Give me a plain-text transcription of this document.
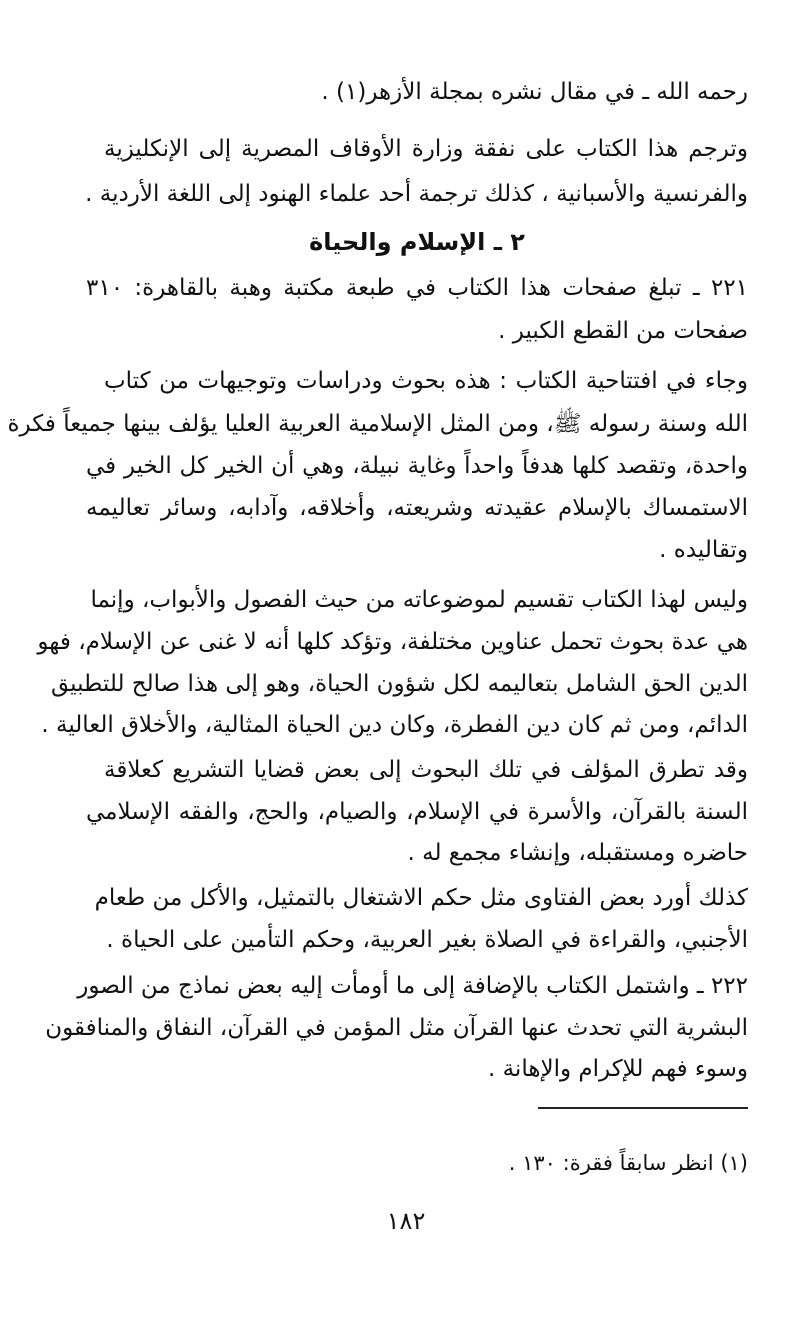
رحمه الله ـ في مقال نشره بمجلة الأزهر(١) .
وترجم هذا الكتاب على نفقة وزارة الأوقاف المصرية إلى الإنكليزية
والفرنسية والأسبانية ، كذلك ترجمة أحد علماء الهنود إلى اللغة الأردية .
٢ ـ الإسلام والحياة
٢٢١ ـ تبلغ صفحات هذا الكتاب في طبعة مكتبة وهبة بالقاهرة: ٣١٠
صفحات من القطع الكبير .
وجاء في افتتاحية الكتاب : هذه بحوث ودراسات وتوجيهات من كتاب
الله وسنة رسوله ﷺ، ومن المثل الإسلامية العربية العليا يؤلف بينها جميعاً فكرة
واحدة، وتقصد كلها هدفاً واحداً وغاية نبيلة، وهي أن الخير كل الخير في
الاستمساك بالإسلام عقيدته وشريعته، وأخلاقه، وآدابه، وسائر تعاليمه
وتقاليده .
وليس لهذا الكتاب تقسيم لموضوعاته من حيث الفصول والأبواب، وإنما
هي عدة بحوث تحمل عناوين مختلفة، وتؤكد كلها أنه لا غنى عن الإسلام، فهو
الدين الحق الشامل بتعاليمه لكل شؤون الحياة، وهو إلى هذا صالح للتطبيق
الدائم، ومن ثم كان دين الفطرة، وكان دين الحياة المثالية، والأخلاق العالية .
وقد تطرق المؤلف في تلك البحوث إلى بعض قضايا التشريع كعلاقة
السنة بالقرآن، والأسرة في الإسلام، والصيام، والحج، والفقه الإسلامي
حاضره ومستقبله، وإنشاء مجمع له .
كذلك أورد بعض الفتاوى مثل حكم الاشتغال بالتمثيل، والأكل من طعام
الأجنبي، والقراءة في الصلاة بغير العربية، وحكم التأمين على الحياة .
٢٢٢ ـ واشتمل الكتاب بالإضافة إلى ما أومأت إليه بعض نماذج من الصور
البشرية التي تحدث عنها القرآن مثل المؤمن في القرآن، النفاق والمنافقون
وسوء فهم للإكرام والإهانة .
(١) انظر سابقاً فقرة: ١٣٠ .
١٨٢
